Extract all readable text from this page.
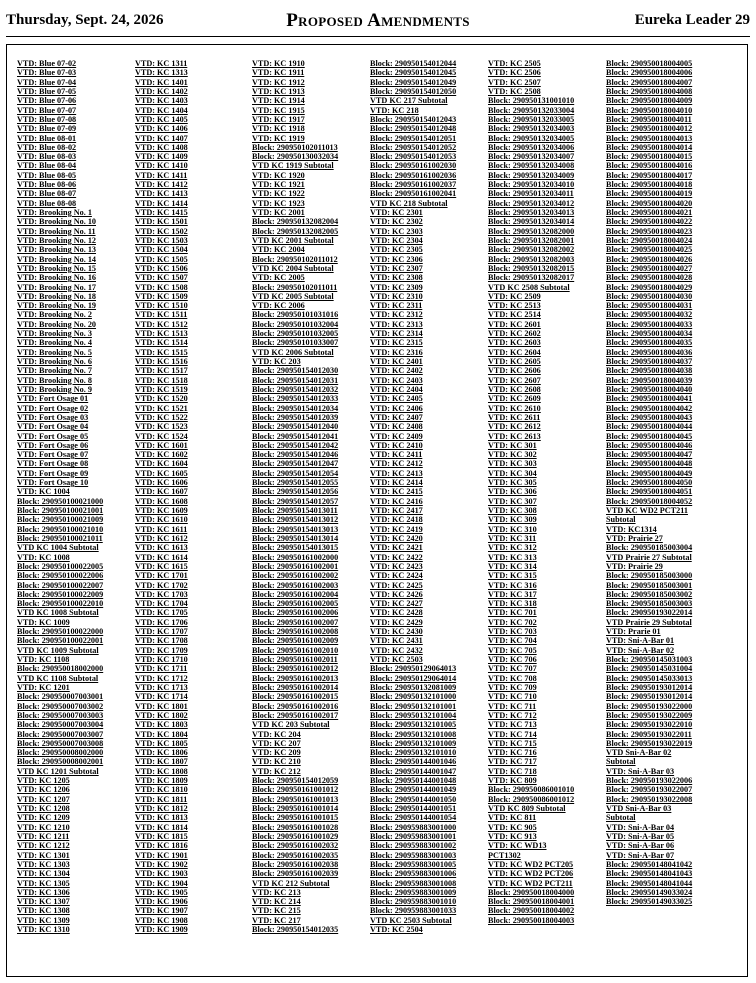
Thursday, Sept. 24, 2026	Proposed Amendments	Eureka Leader 29
VTD: Blue 07-02
VTD: Blue 07-03
VTD: Blue 07-04
VTD: Blue 07-05
VTD: Blue 07-06
VTD: Blue 07-07
VTD: Blue 07-08
VTD: Blue 07-09
VTD: Blue 08-01
VTD: Blue 08-02
VTD: Blue 08-03
VTD: Blue 08-04
VTD: Blue 08-05
VTD: Blue 08-06
VTD: Blue 08-07
VTD: Blue 08-08
VTD: Brooking No. 1
VTD: Brooking No. 10
VTD: Brooking No. 11
VTD: Brooking No. 12
VTD: Brooking No. 13
VTD: Brooking No. 14
VTD: Brooking No. 15
VTD: Brooking No. 16
VTD: Brooking No. 17
VTD: Brooking No. 18
VTD: Brooking No. 19
VTD: Brooking No. 2
VTD: Brooking No. 20
VTD: Brooking No. 3
VTD: Brooking No. 4
VTD: Brooking No. 5
VTD: Brooking No. 6
VTD: Brooking No. 7
VTD: Brooking No. 8
VTD: Brooking No. 9
VTD: Fort Osage 01
VTD: Fort Osage 02
VTD: Fort Osage 03
VTD: Fort Osage 04
VTD: Fort Osage 05
VTD: Fort Osage 06
VTD: Fort Osage 07
VTD: Fort Osage 08
VTD: Fort Osage 09
VTD: Fort Osage 10
VTD: KC 1004
Block: 290950100021000
Block: 290950100021001
Block: 290950100021009
Block: 290950100021010
Block: 290950100021011
VTD KC 1004 Subtotal
VTD: KC 1008
Block: 290950100022005
Block: 290950100022006
Block: 290950100022007
Block: 290950100022009
Block: 290950100022010
VTD KC 1008 Subtotal
VTD: KC 1009
Block: 290950100022000
Block: 290950100022001
VTD KC 1009 Subtotal
VTD: KC 1108
Block: 290950018002000
VTD KC 1108 Subtotal
VTD: KC 1201
Block: 290950007003001
Block: 290950007003002
Block: 290950007003003
Block: 290950007003004
Block: 290950007003007
Block: 290950007003008
Block: 290950008002000
Block: 290950008002001
VTD KC 1201 Subtotal
VTD: KC 1205
VTD: KC 1206
VTD: KC 1207
VTD: KC 1208
VTD: KC 1209
VTD: KC 1210
VTD: KC 1211
VTD: KC 1212
VTD: KC 1301
VTD: KC 1303
VTD: KC 1304
VTD: KC 1305
VTD: KC 1306
VTD: KC 1307
VTD: KC 1308
VTD: KC 1309
VTD: KC 1310
VTD: KC 1311
VTD: KC 1313
VTD: KC 1401
VTD: KC 1402
VTD: KC 1403
VTD: KC 1404
VTD: KC 1405
VTD: KC 1406
VTD: KC 1407
VTD: KC 1408
VTD: KC 1409
VTD: KC 1410
VTD: KC 1411
VTD: KC 1412
VTD: KC 1413
VTD: KC 1414
VTD: KC 1415
VTD: KC 1501
VTD: KC 1502
VTD: KC 1503
VTD: KC 1504
VTD: KC 1505
VTD: KC 1506
VTD: KC 1507
VTD: KC 1508
VTD: KC 1509
VTD: KC 1510
VTD: KC 1511
VTD: KC 1512
VTD: KC 1513
VTD: KC 1514
VTD: KC 1515
VTD: KC 1516
VTD: KC 1517
VTD: KC 1518
VTD: KC 1519
VTD: KC 1520
VTD: KC 1521
VTD: KC 1522
VTD: KC 1523
VTD: KC 1524
VTD: KC 1601
VTD: KC 1602
VTD: KC 1604
VTD: KC 1605
VTD: KC 1606
VTD: KC 1607
VTD: KC 1608
VTD: KC 1609
VTD: KC 1610
VTD: KC 1611
VTD: KC 1612
VTD: KC 1613
VTD: KC 1614
VTD: KC 1615
VTD: KC 1701
VTD: KC 1702
VTD: KC 1703
VTD: KC 1704
VTD: KC 1705
VTD: KC 1706
VTD: KC 1707
VTD: KC 1708
VTD: KC 1709
VTD: KC 1710
VTD: KC 1711
VTD: KC 1712
VTD: KC 1713
VTD: KC 1714
VTD: KC 1801
VTD: KC 1802
VTD: KC 1803
VTD: KC 1804
VTD: KC 1805
VTD: KC 1806
VTD: KC 1807
VTD: KC 1808
VTD: KC 1809
VTD: KC 1810
VTD: KC 1811
VTD: KC 1812
VTD: KC 1813
VTD: KC 1814
VTD: KC 1815
VTD: KC 1816
VTD: KC 1901
VTD: KC 1902
VTD: KC 1903
VTD: KC 1904
VTD: KC 1905
VTD: KC 1906
VTD: KC 1907
VTD: KC 1908
VTD: KC 1909
VTD: KC 1910
VTD: KC 1911
VTD: KC 1912
VTD: KC 1913
VTD: KC 1914
VTD: KC 1915
VTD: KC 1917
VTD: KC 1918
VTD: KC 1919
Block: 290950102011013
Block: 290950130032034
VTD KC 1919 Subtotal
VTD: KC 1920
VTD: KC 1921
VTD: KC 1922
VTD: KC 1923
VTD: KC 2001
Block: 290950132082004
Block: 290950132082005
VTD KC 2001 Subtotal
VTD: KC 2004
Block: 290950102011012
VTD KC 2004 Subtotal
VTD: KC 2005
Block: 290950102011011
VTD KC 2005 Subtotal
VTD: KC 2006
Block: 290950101031016
Block: 290950101032004
Block: 290950101032005
Block: 290950101033007
VTD KC 2006 Subtotal
VTD: KC 203
Block: 290950154012030
Block: 290950154012031
Block: 290950154012032
Block: 290950154012033
Block: 290950154012034
Block: 290950154012039
Block: 290950154012040
Block: 290950154012041
Block: 290950154012042
Block: 290950154012046
Block: 290950154012047
Block: 290950154012054
Block: 290950154012055
Block: 290950154012056
Block: 290950154012057
Block: 290950154013011
Block: 290950154013012
Block: 290950154013013
Block: 290950154013014
Block: 290950154013015
Block: 290950161002000
Block: 290950161002001
Block: 290950161002002
Block: 290950161002003
Block: 290950161002004
Block: 290950161002005
Block: 290950161002006
Block: 290950161002007
Block: 290950161002008
Block: 290950161002009
Block: 290950161002010
Block: 290950161002011
Block: 290950161002012
Block: 290950161002013
Block: 290950161002014
Block: 290950161002015
Block: 290950161002016
Block: 290950161002017
VTD KC 203 Subtotal
VTD: KC 204
VTD: KC 207
VTD: KC 209
VTD: KC 210
VTD: KC 212
Block: 290950154012059
Block: 290950161001012
Block: 290950161001013
Block: 290950161001014
Block: 290950161001015
Block: 290950161001028
Block: 290950161001029
Block: 290950161002032
Block: 290950161002035
Block: 290950161002038
Block: 290950161002039
VTD KC 212 Subtotal
VTD: KC 213
VTD: KC 214
VTD: KC 215
VTD: KC 217
Block: 290950154012035
Block: 290950154012044
Block: 290950154012045
Block: 290950154012049
Block: 290950154012050
VTD KC 217 Subtotal
VTD: KC 218
Block: 290950154012043
Block: 290950154012048
Block: 290950154012051
Block: 290950154012052
Block: 290950154012053
Block: 290950161002030
Block: 290950161002036
Block: 290950161002037
Block: 290950161002041
VTD KC 218 Subtotal
VTD: KC 2301
VTD: KC 2302
VTD: KC 2303
VTD: KC 2304
VTD: KC 2305
VTD: KC 2306
VTD: KC 2307
VTD: KC 2308
VTD: KC 2309
VTD: KC 2310
VTD: KC 2311
VTD: KC 2312
VTD: KC 2313
VTD: KC 2314
VTD: KC 2315
VTD: KC 2316
VTD: KC 2401
VTD: KC 2402
VTD: KC 2403
VTD: KC 2404
VTD: KC 2405
VTD: KC 2406
VTD: KC 2407
VTD: KC 2408
VTD: KC 2409
VTD: KC 2410
VTD: KC 2411
VTD: KC 2412
VTD: KC 2413
VTD: KC 2414
VTD: KC 2415
VTD: KC 2416
VTD: KC 2417
VTD: KC 2418
VTD: KC 2419
VTD: KC 2420
VTD: KC 2421
VTD: KC 2422
VTD: KC 2423
VTD: KC 2424
VTD: KC 2425
VTD: KC 2426
VTD: KC 2427
VTD: KC 2428
VTD: KC 2429
VTD: KC 2430
VTD: KC 2431
VTD: KC 2432
VTD: KC 2503
Block: 290950129064013
Block: 290950129064014
Block: 290950132081009
Block: 290950132101000
Block: 290950132101001
Block: 290950132101004
Block: 290950132101005
Block: 290950132101008
Block: 290950132101009
Block: 290950132101010
Block: 290950144001046
Block: 290950144001047
Block: 290950144001048
Block: 290950144001049
Block: 290950144001050
Block: 290950144001051
Block: 290950144001054
Block: 290959883001000
Block: 290959883001001
Block: 290959883001002
Block: 290959883001003
Block: 290959883001005
Block: 290959883001006
Block: 290959883001008
Block: 290959883001009
Block: 290959883001010
Block: 290959883001033
VTD KC 2503 Subtotal
VTD: KC 2504
VTD: KC 2505
VTD: KC 2506
VTD: KC 2507
VTD: KC 2508
Block: 290950131001010
Block: 290950132033004
Block: 290950132033005
Block: 290950132034003
Block: 290950132034005
Block: 290950132034006
Block: 290950132034007
Block: 290950132034008
Block: 290950132034009
Block: 290950132034010
Block: 290950132034011
Block: 290950132034012
Block: 290950132034013
Block: 290950132034014
Block: 290950132082000
Block: 290950132082001
Block: 290950132082002
Block: 290950132082003
Block: 290950132082015
Block: 290950132082017
VTD KC 2508 Subtotal
VTD: KC 2509
VTD: KC 2513
VTD: KC 2514
VTD: KC 2601
VTD: KC 2602
VTD: KC 2603
VTD: KC 2604
VTD: KC 2605
VTD: KC 2606
VTD: KC 2607
VTD: KC 2608
VTD: KC 2609
VTD: KC 2610
VTD: KC 2611
VTD: KC 2612
VTD: KC 2613
VTD: KC 301
VTD: KC 302
VTD: KC 303
VTD: KC 304
VTD: KC 305
VTD: KC 306
VTD: KC 307
VTD: KC 308
VTD: KC 309
VTD: KC 310
VTD: KC 311
VTD: KC 312
VTD: KC 313
VTD: KC 314
VTD: KC 315
VTD: KC 316
VTD: KC 317
VTD: KC 318
VTD: KC 701
VTD: KC 702
VTD: KC 703
VTD: KC 704
VTD: KC 705
VTD: KC 706
VTD: KC 707
VTD: KC 708
VTD: KC 709
VTD: KC 710
VTD: KC 711
VTD: KC 712
VTD: KC 713
VTD: KC 714
VTD: KC 715
VTD: KC 716
VTD: KC 717
VTD: KC 718
VTD: KC 809
Block: 290950086001010
Block: 290950086001012
VTD KC 809 Subtotal
VTD: KC 811
VTD: KC 905
VTD: KC 913
VTD: KC WD13
PCT1302
VTD: KC WD2 PCT205
VTD: KC WD2 PCT206
VTD: KC WD2 PCT211
Block: 290950018004000
Block: 290950018004001
Block: 290950018004002
Block: 290950018004003
Block: 290950018004005
Block: 290950018004006
Block: 290950018004007
Block: 290950018004008
Block: 290950018004009
Block: 290950018004010
Block: 290950018004011
Block: 290950018004012
Block: 290950018004013
Block: 290950018004014
Block: 290950018004015
Block: 290950018004016
Block: 290950018004017
Block: 290950018004018
Block: 290950018004019
Block: 290950018004020
Block: 290950018004021
Block: 290950018004022
Block: 290950018004023
Block: 290950018004024
Block: 290950018004025
Block: 290950018004026
Block: 290950018004027
Block: 290950018004028
Block: 290950018004029
Block: 290950018004030
Block: 290950018004031
Block: 290950018004032
Block: 290950018004033
Block: 290950018004034
Block: 290950018004035
Block: 290950018004036
Block: 290950018004037
Block: 290950018004038
Block: 290950018004039
Block: 290950018004040
Block: 290950018004041
Block: 290950018004042
Block: 290950018004043
Block: 290950018004044
Block: 290950018004045
Block: 290950018004046
Block: 290950018004047
Block: 290950018004048
Block: 290950018004049
Block: 290950018004050
Block: 290950018004051
Block: 290950018004052
VTD KC WD2 PCT211
Subtotal
VTD: KC1314
VTD: Prairie 27
Block: 290950185003004
VTD Prairie 27 Subtotal
VTD: Prairie 29
Block: 290950185003000
Block: 290950185003001
Block: 290950185003002
Block: 290950185003003
Block: 290950193022014
VTD Prairie 29 Subtotal
VTD: Prarie 01
VTD: Sni-A-Bar 01
VTD: Sni-A-Bar 02
Block: 290950145031003
Block: 290950145031004
Block: 290950145033013
Block: 290950193012014
Block: 290950193012014
Block: 290950193022000
Block: 290950193022009
Block: 290950193022010
Block: 290950193022011
Block: 290950193022019
VTD Sni-A-Bar 02
Subtotal
VTD: Sni-A-Bar 03
Block: 290950193022006
Block: 290950193022007
Block: 290950193022008
VTD Sni-A-Bar 03
Subtotal
VTD: Sni-A-Bar 04
VTD: Sni-A-Bar 05
VTD: Sni-A-Bar 06
VTD: Sni-A-Bar 07
Block: 290950148041042
Block: 290950148041043
Block: 290950148041044
Block: 290950149033024
Block: 290950149033025
